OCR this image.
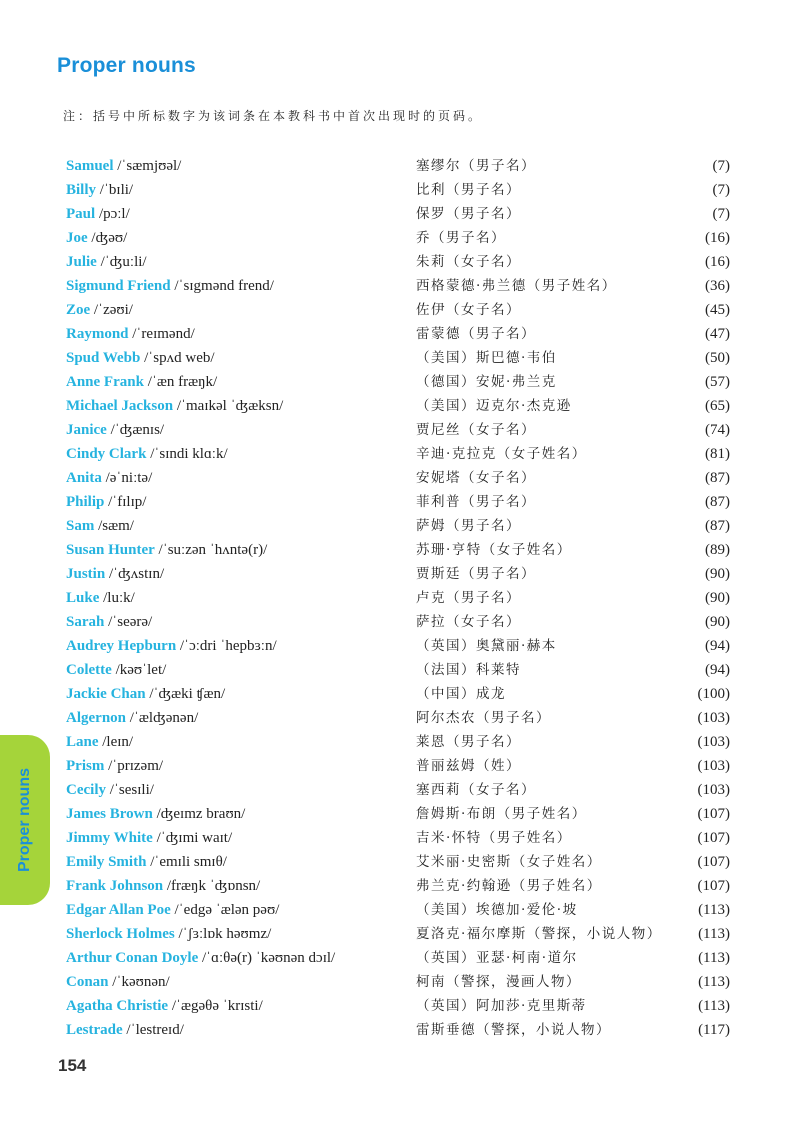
Proper nouns
注：括号中所标数字为该词条在本教科书中首次出现时的页码。
Samuel /ˈsæmjʊəl/	塞缪尔（男子名）	(7)
Billy /ˈbɪli/	比利（男子名）	(7)
Paul /pɔːl/	保罗（男子名）	(7)
Joe /ʤəʊ/	乔（男子名）	(16)
Julie /ˈʤuːli/	朱莉（女子名）	(16)
Sigmund Friend /ˈsɪgmənd frend/	西格蒙德·弗兰德（男子姓名）	(36)
Zoe /ˈzəʊi/	佐伊（女子名）	(45)
Raymond /ˈreɪmənd/	雷蒙德（男子名）	(47)
Spud Webb /ˈspʌd web/	（美国）斯巴德·韦伯	(50)
Anne Frank /ˈæn fræŋk/	（德国）安妮·弗兰克	(57)
Michael Jackson /ˈmaɪkəl ˈʤæksn/	（美国）迈克尔·杰克逊	(65)
Janice /ˈʤænɪs/	贾尼丝（女子名）	(74)
Cindy Clark /ˈsɪndi klɑːk/	辛迪·克拉克（女子姓名）	(81)
Anita /əˈniːtə/	安妮塔（女子名）	(87)
Philip /ˈfɪlɪp/	菲利普（男子名）	(87)
Sam /sæm/	萨姆（男子名）	(87)
Susan Hunter /ˈsuːzən ˈhʌntə(r)/	苏珊·亨特（女子姓名）	(89)
Justin /ˈʤʌstɪn/	贾斯廷（男子名）	(90)
Luke /luːk/	卢克（男子名）	(90)
Sarah /ˈseərə/	萨拉（女子名）	(90)
Audrey Hepburn /ˈɔːdri ˈhepbɜːn/	（英国）奥黛丽·赫本	(94)
Colette /kəʊˈlet/	（法国）科莱特	(94)
Jackie Chan /ˈʤæki ʧæn/	（中国）成龙	(100)
Algernon /ˈælʤənən/	阿尔杰农（男子名）	(103)
Lane /leɪn/	莱恩（男子名）	(103)
Prism /ˈprɪzəm/	普丽兹姆（姓）	(103)
Cecily /ˈsesɪli/	塞西莉（女子名）	(103)
James Brown /ʤeɪmz braʊn/	詹姆斯·布朗（男子姓名）	(107)
Jimmy White /ˈʤɪmi waɪt/	吉米·怀特（男子姓名）	(107)
Emily Smith /ˈemɪli smɪθ/	艾米丽·史密斯（女子姓名）	(107)
Frank Johnson /fræŋk ˈʤɒnsn/	弗兰克·约翰逊（男子姓名）	(107)
Edgar Allan Poe /ˈedgə ˈælən pəʊ/	（美国）埃德加·爱伦·坡	(113)
Sherlock Holmes /ˈʃɜːlɒk həʊmz/	夏洛克·福尔摩斯（警探，小说人物） (113)
Arthur Conan Doyle /ˈɑːθə(r) ˈkəʊnən dɔɪl/	（英国）亚瑟·柯南·道尔	(113)
Conan /ˈkəʊnən/	柯南（警探，漫画人物）	(113)
Agatha Christie /ˈægəθə ˈkrɪsti/	（英国）阿加莎·克里斯蒂	(113)
Lestrade /ˈlestreɪd/	雷斯垂德（警探，小说人物）	(117)
Proper nouns
154
